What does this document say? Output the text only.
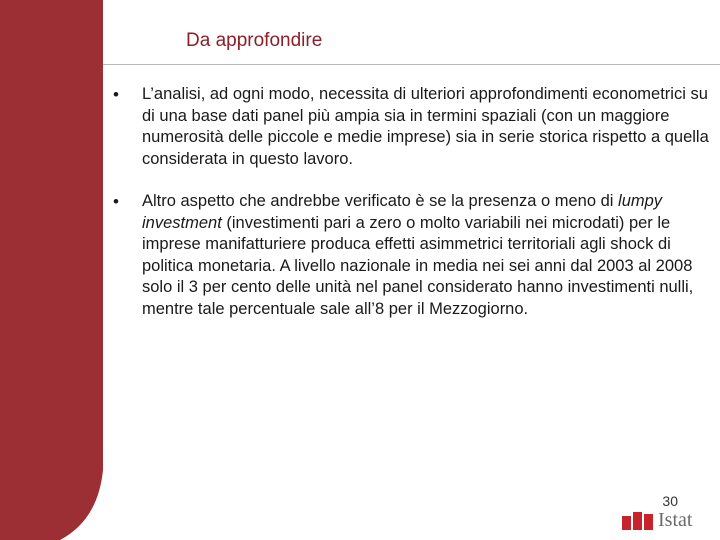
Da approfondire
•	L’analisi, ad ogni modo, necessita di ulteriori approfondimenti econometrici su di una base dati panel più ampia sia in termini spaziali (con un maggiore numerosità delle piccole e medie imprese) sia in serie storica rispetto a quella considerata in questo lavoro.
•	Altro aspetto che andrebbe verificato è se la presenza o meno di lumpy investment (investimenti pari a zero o molto variabili nei microdati) per le imprese manifatturiere produca effetti asimmetrici territoriali agli shock di politica monetaria. A livello nazionale in media nei sei anni dal 2003 al 2008 solo il 3 per cento delle unità nel panel considerato hanno investimenti nulli, mentre tale percentuale sale all’8 per il Mezzogiorno.
30
Istat
